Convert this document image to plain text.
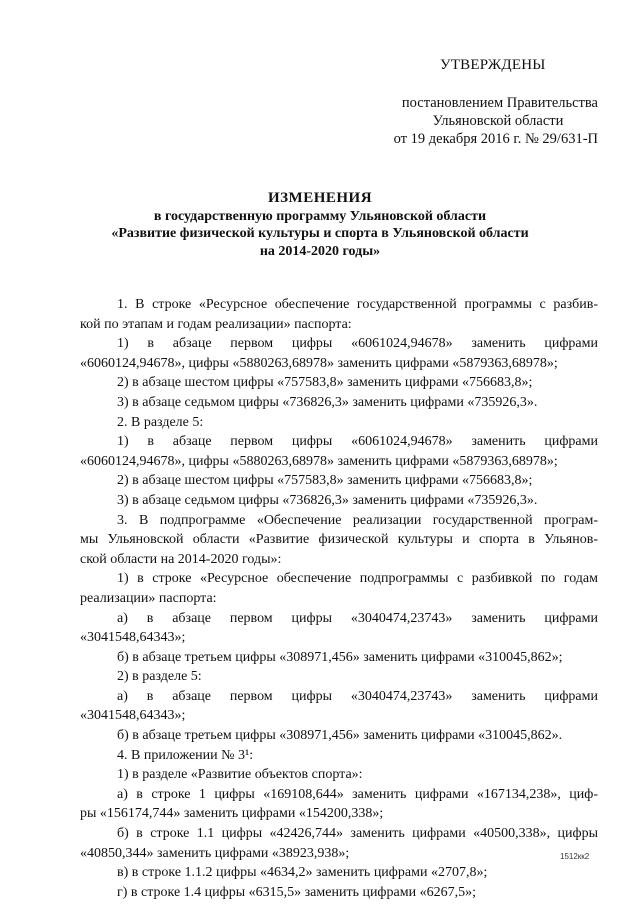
УТВЕРЖДЕНЫ
постановлением Правительства
Ульяновской области
от 19 декабря 2016 г. № 29/631-П
ИЗМЕНЕНИЯ
в государственную программу Ульяновской области
«Развитие физической культуры и спорта в Ульяновской области
на 2014-2020 годы»
1. В строке «Ресурсное обеспечение государственной программы с разбив-
кой по этапам и годам реализации» паспорта:
1) в абзаце первом цифры «6061024,94678» заменить цифрами
«6060124,94678», цифры «5880263,68978» заменить цифрами «5879363,68978»;
2) в абзаце шестом цифры «757583,8» заменить цифрами «756683,8»;
3) в абзаце седьмом цифры «736826,3» заменить цифрами «735926,3».
2. В разделе 5:
1) в абзаце первом цифры «6061024,94678» заменить цифрами
«6060124,94678», цифры «5880263,68978» заменить цифрами «5879363,68978»;
2) в абзаце шестом цифры «757583,8» заменить цифрами «756683,8»;
3) в абзаце седьмом цифры «736826,3» заменить цифрами «735926,3».
3. В подпрограмме «Обеспечение реализации государственной програм-
мы Ульяновской области «Развитие физической культуры и спорта в Ульянов-
ской области на 2014-2020 годы»:
1) в строке «Ресурсное обеспечение подпрограммы с разбивкой по годам
реализации» паспорта:
а) в абзаце первом цифры «3040474,23743» заменить цифрами
«3041548,64343»;
б) в абзаце третьем цифры «308971,456» заменить цифрами «310045,862»;
2) в разделе 5:
а) в абзаце первом цифры «3040474,23743» заменить цифрами
«3041548,64343»;
б) в абзаце третьем цифры «308971,456» заменить цифрами «310045,862».
4. В приложении № 3¹:
1) в разделе «Развитие объектов спорта»:
а) в строке 1 цифры «169108,644» заменить цифрами «167134,238», циф-
ры «156174,744» заменить цифрами «154200,338»;
б) в строке 1.1 цифры «42426,744» заменить цифрами «40500,338», цифры
«40850,344» заменить цифрами «38923,938»;
в) в строке 1.1.2 цифры «4634,2» заменить цифрами «2707,8»;
г) в строке 1.4 цифры «6315,5» заменить цифрами «6267,5»;
1512кк2
